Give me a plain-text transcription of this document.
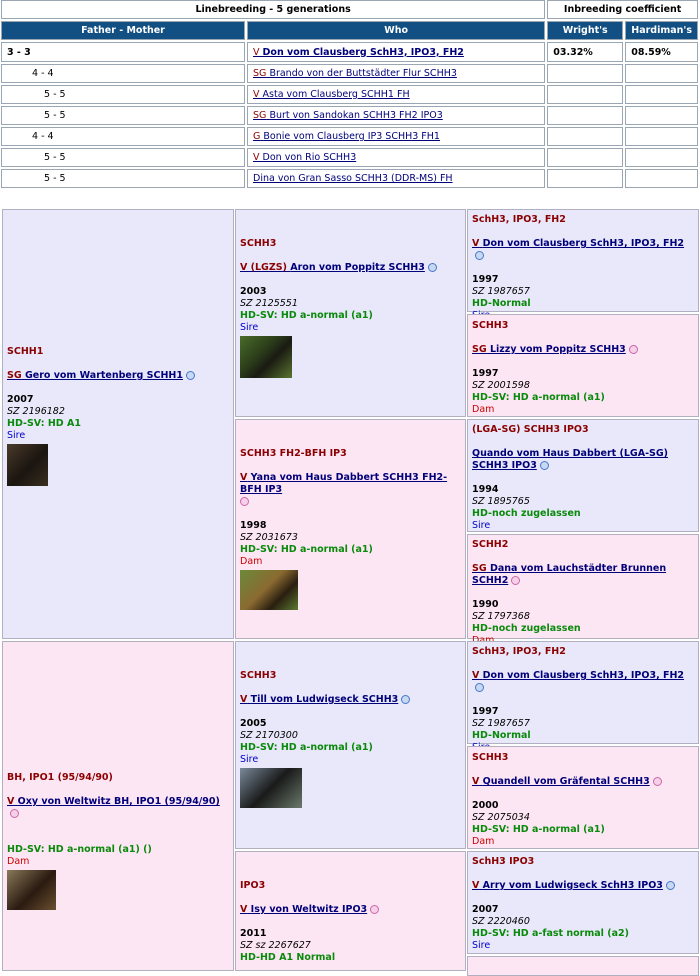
Linebreeding - 5 generations		Inbreeding coefficient	
Father - Mother	Who	Wright's	Hardiman's
3 - 3	V Don vom Clausberg SchH3, IPO3, FH2	03.32%	08.59%
4 - 4	SG Brando von der Buttstädter Flur SCHH3		
5 - 5	V Asta vom Clausberg SCHH1 FH		
5 - 5	SG Burt von Sandokan SCHH3 FH2 IPO3		
4 - 4	G Bonie vom Clausberg IP3 SCHH3 FH1		
5 - 5	V Don von Rio SCHH3		
5 - 5	Dina von Gran Sasso SCHH3 (DDR-MS) FH		
SCHH1
SG Gero vom Wartenberg SCHH1
2007
SZ 2196182
HD-SV: HD A1
Sire
BH, IPO1 (95/94/90)
V Oxy von Weltwitz BH, IPO1 (95/94/90)
HD-SV: HD a-normal (a1) ()
Dam
SCHH3
V (LGZS) Aron vom Poppitz SCHH3
2003
SZ 2125551
HD-SV: HD a-normal (a1)
Sire
SCHH3 FH2-BFH IP3
V Yana vom Haus Dabbert SCHH3 FH2-BFH IP3

1998
SZ 2031673
HD-SV: HD a-normal (a1)
Dam
SCHH3
V Till vom Ludwigseck SCHH3
2005
SZ 2170300
HD-SV: HD a-normal (a1)
Sire
IPO3
V Isy von Weltwitz IPO3
2011
SZ sz 2267627
HD-HD A1 Normal
SchH3, IPO3, FH2
V Don vom Clausberg SchH3, IPO3, FH2
1997
SZ 1987657
HD-Normal
SCHH3
SG Lizzy vom Poppitz SCHH3
1997
SZ 2001598
HD-SV: HD a-normal (a1)
Dam
(LGA-SG) SCHH3 IPO3
Quando vom Haus Dabbert (LGA-SG) SCHH3 IPO3
1994
SZ 1895765
HD-noch zugelassen
Sire
SCHH2
SG Dana vom Lauchstädter Brunnen SCHH2
1990
SZ 1797368
HD-noch zugelassen
SchH3, IPO3, FH2
V Don vom Clausberg SchH3, IPO3, FH2
1997
SZ 1987657
HD-Normal
SCHH3
V Quandell vom Gräfental SCHH3
2000
SZ 2075034
HD-SV: HD a-normal (a1)
Dam
SchH3 IPO3
V Arry vom Ludwigseck SchH3 IPO3
2007
SZ 2220460
HD-SV: HD a-fast normal (a2)
Sire
